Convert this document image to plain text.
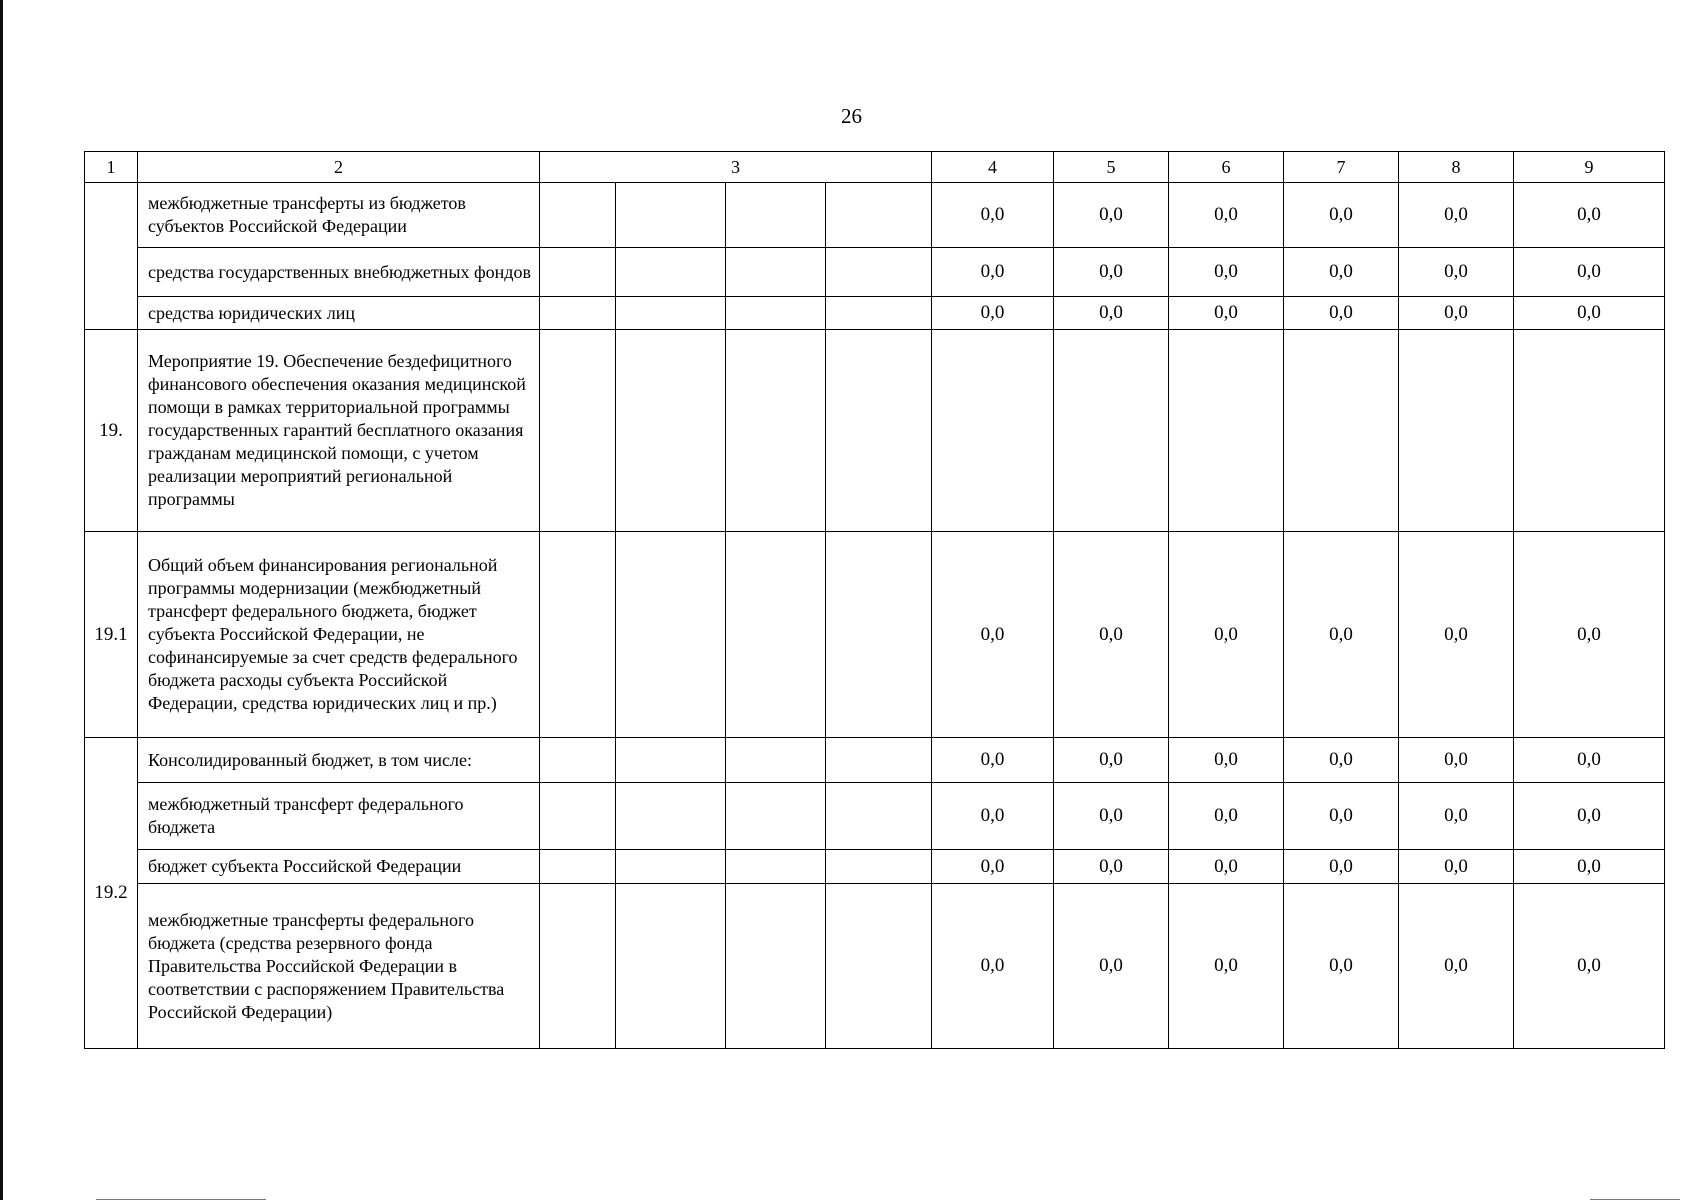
26
1	2	3				4	5	6	7	8	9
	межбюджетные трансферты из бюджетов субъектов Российской Федерации					0,0	0,0	0,0	0,0	0,0	0,0
	средства государственных внебюджетных фондов					0,0	0,0	0,0	0,0	0,0	0,0
	средства юридических лиц					0,0	0,0	0,0	0,0	0,0	0,0
19.	Мероприятие 19. Обеспечение бездефицитного финансового обеспечения оказания медицинской помощи в рамках территориальной программы государственных гарантий бесплатного оказания гражданам медицинской помощи, с учетом реализации мероприятий региональной программы										
19.1	Общий объем финансирования региональной программы модернизации (межбюджетный трансферт федерального бюджета, бюджет субъекта Российской Федерации, не софинансируемые за счет средств федерального бюджета расходы субъекта Российской Федерации, средства юридических лиц и пр.)					0,0	0,0	0,0	0,0	0,0	0,0
19.2	Консолидированный бюджет, в том числе:					0,0	0,0	0,0	0,0	0,0	0,0
	межбюджетный трансферт федерального бюджета					0,0	0,0	0,0	0,0	0,0	0,0
	бюджет субъекта Российской Федерации					0,0	0,0	0,0	0,0	0,0	0,0
	межбюджетные трансферты федерального бюджета (средства резервного фонда Правительства Российской Федерации в соответствии с распоряжением Правительства Российской Федерации)					0,0	0,0	0,0	0,0	0,0	0,0
